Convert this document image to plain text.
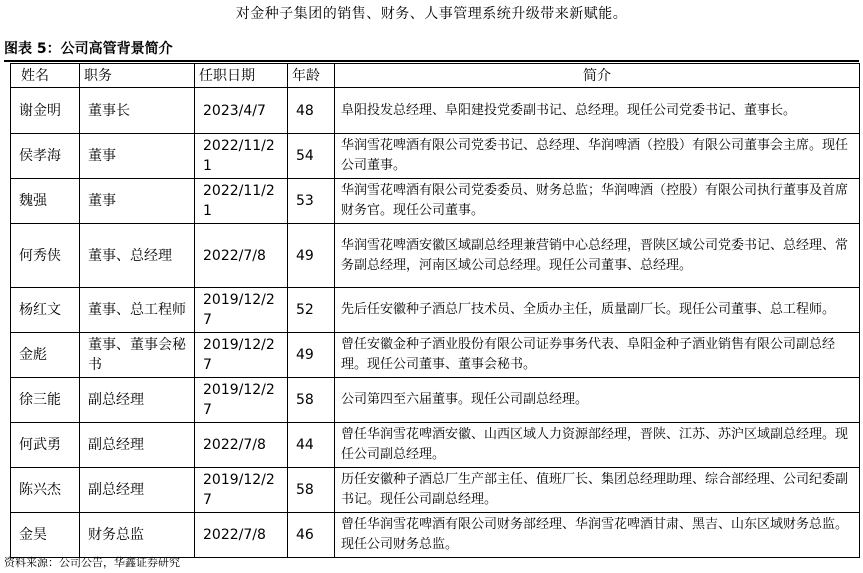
对金种子集团的销售、财务、人事管理系统升级带来新赋能。
图表 5：公司高管背景简介
姓名	职务	任职日期	年龄	简介
谢金明	董事长	2023/4/7	48	阜阳投发总经理、阜阳建投党委副书记、总经理。现任公司党委书记、董事长。
侯孝海	董事	2022/11/21	54	华润雪花啤酒有限公司党委书记、总经理、华润啤酒（控股）有限公司董事会主席。现任公司董事。
魏强	董事	2022/11/21	53	华润雪花啤酒有限公司党委委员、财务总监；华润啤酒（控股）有限公司执行董事及首席财务官。现任公司董事。
何秀侠	董事、总经理	2022/7/8	49	华润雪花啤酒安徽区域副总经理兼营销中心总经理，晋陕区域公司党委书记、总经理、常务副总经理，河南区域公司总经理。现任公司董事、总经理。
杨红文	董事、总工程师	2019/12/27	52	先后任安徽种子酒总厂技术员、全质办主任，质量副厂长。现任公司董事、总工程师。
金彪	董事、董事会秘书	2019/12/27	49	曾任安徽金种子酒业股份有限公司证券事务代表、阜阳金种子酒业销售有限公司副总经理。现任公司董事、董事会秘书。
徐三能	副总经理	2019/12/27	58	公司第四至六届董事。现任公司副总经理。
何武勇	副总经理	2022/7/8	44	曾任华润雪花啤酒安徽、山西区域人力资源部经理，晋陕、江苏、苏沪区域副总经理。现任公司副总经理。
陈兴杰	副总经理	2019/12/27	58	历任安徽种子酒总厂生产部主任、值班厂长、集团总经理助理、综合部经理、公司纪委副书记。现任公司副总经理。
金昊	财务总监	2022/7/8	46	曾任华润雪花啤酒有限公司财务部经理、华润雪花啤酒甘肃、黑吉、山东区域财务总监。现任公司财务总监。
资料来源：公司公告，华鑫证券研究
